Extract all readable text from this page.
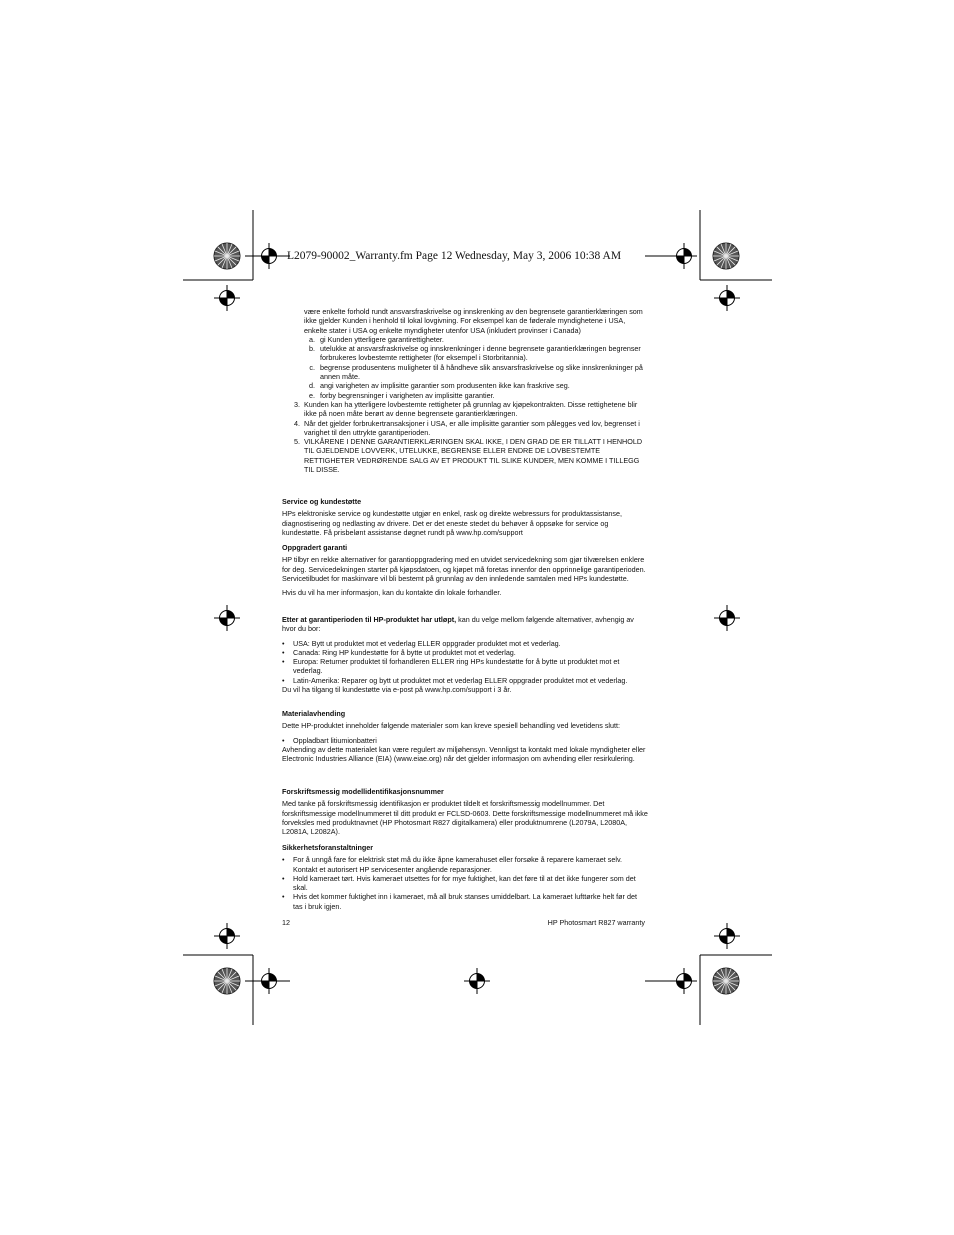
L2079-90002_Warranty.fm Page 12 Wednesday, May 3, 2006 10:38 AM
være enkelte forhold rundt ansvarsfraskrivelse og innskrenking av den begrensete garantierklæringen som ikke gjelder Kunden i henhold til lokal lovgivning. For eksempel kan de føderale myndighetene i USA, enkelte stater i USA og enkelte myndigheter utenfor USA (inkludert provinser i Canada)
a. gi Kunden ytterligere garantirettigheter.
b. utelukke at ansvarsfraskrivelse og innskrenkninger i denne begrensete garantierklæringen begrenser forbrukeres lovbestemte rettigheter (for eksempel i Storbritannia).
c. begrense produsentens muligheter til å håndheve slik ansvarsfraskrivelse og slike innskrenkninger på annen måte.
d. angi varigheten av implisitte garantier som produsenten ikke kan fraskrive seg.
e. forby begrensninger i varigheten av implisitte garantier.
3. Kunden kan ha ytterligere lovbestemte rettigheter på grunnlag av kjøpekontrakten. Disse rettighetene blir ikke på noen måte berørt av denne begrensete garantierklæringen.
4. Når det gjelder forbrukertransaksjoner i USA, er alle implisitte garantier som pålegges ved lov, begrenset i varighet til den uttrykte garantiperioden.
5. VILKÅRENE I DENNE GARANTIERKLÆRINGEN SKAL IKKE, I DEN GRAD DE ER TILLATT I HENHOLD TIL GJELDENDE LOVVERK, UTELUKKE, BEGRENSE ELLER ENDRE DE LOVBESTEMTE RETTIGHETER VEDRØRENDE SALG AV ET PRODUKT TIL SLIKE KUNDER, MEN KOMME I TILLEGG TIL DISSE.

Service og kundestøtte

HPs elektroniske service og kundestøtte utgjør en enkel, rask og direkte webressurs for produktassistanse, diagnostisering og nedlasting av drivere. Det er det eneste stedet du behøver å oppsøke for service og kundestøtte. Få prisbelønt assistanse døgnet rundt på www.hp.com/support

Oppgradert garanti

HP tilbyr en rekke alternativer for garantioppgradering med en utvidet servicedekning som gjør tilværelsen enklere for deg. Servicedekningen starter på kjøpsdatoen, og kjøpet må foretas innenfor den opprinnelige garantiperioden. Servicetilbudet for maskinvare vil bli bestemt på grunnlag av den innledende samtalen med HPs kundestøtte.

Hvis du vil ha mer informasjon, kan du kontakte din lokale forhandler.

Etter at garantiperioden til HP-produktet har utløpt, kan du velge mellom følgende alternativer, avhengig av hvor du bor:

•	USA: Bytt ut produktet mot et vederlag ELLER oppgrader produktet mot et vederlag.
•	Canada: Ring HP kundestøtte for å bytte ut produktet mot et vederlag.
•	Europa: Returner produktet til forhandleren ELLER ring HPs kundestøtte for å bytte ut produktet mot et vederlag.
•	Latin-Amerika: Reparer og bytt ut produktet mot et vederlag ELLER oppgrader produktet mot et vederlag.

Du vil ha tilgang til kundestøtte via e-post på www.hp.com/support i 3 år.

Materialavhending

Dette HP-produktet inneholder følgende materialer som kan kreve spesiell behandling ved levetidens slutt:

•	Oppladbart litiumionbatteri

Avhending av dette materialet kan være regulert av miljøhensyn. Vennligst ta kontakt med lokale myndigheter eller Electronic Industries Alliance (EIA) (www.eiae.org) når det gjelder informasjon om avhending eller resirkulering.

Forskriftsmessig modellidentifikasjonsnummer

Med tanke på forskriftsmessig identifikasjon er produktet tildelt et forskriftsmessig modellnummer. Det forskriftsmessige modellnummeret til ditt produkt er FCLSD-0603. Dette forskriftsmessige modellnummeret må ikke forveksles med produktnavnet (HP Photosmart R827 digitalkamera) eller produktnumrene (L2079A, L2080A, L2081A, L2082A).

Sikkerhetsforanstaltninger

•	For å unngå fare for elektrisk støt må du ikke åpne kamerahuset eller forsøke å reparere kameraet selv. Kontakt et autorisert HP servicesenter angående reparasjoner.
•	Hold kameraet tørt. Hvis kameraet utsettes for for mye fuktighet, kan det føre til at det ikke fungerer som det skal.
•	Hvis det kommer fuktighet inn i kameraet, må all bruk stanses umiddelbart. La kameraet lufttørke helt før det tas i bruk igjen.
12	HP Photosmart R827 warranty
